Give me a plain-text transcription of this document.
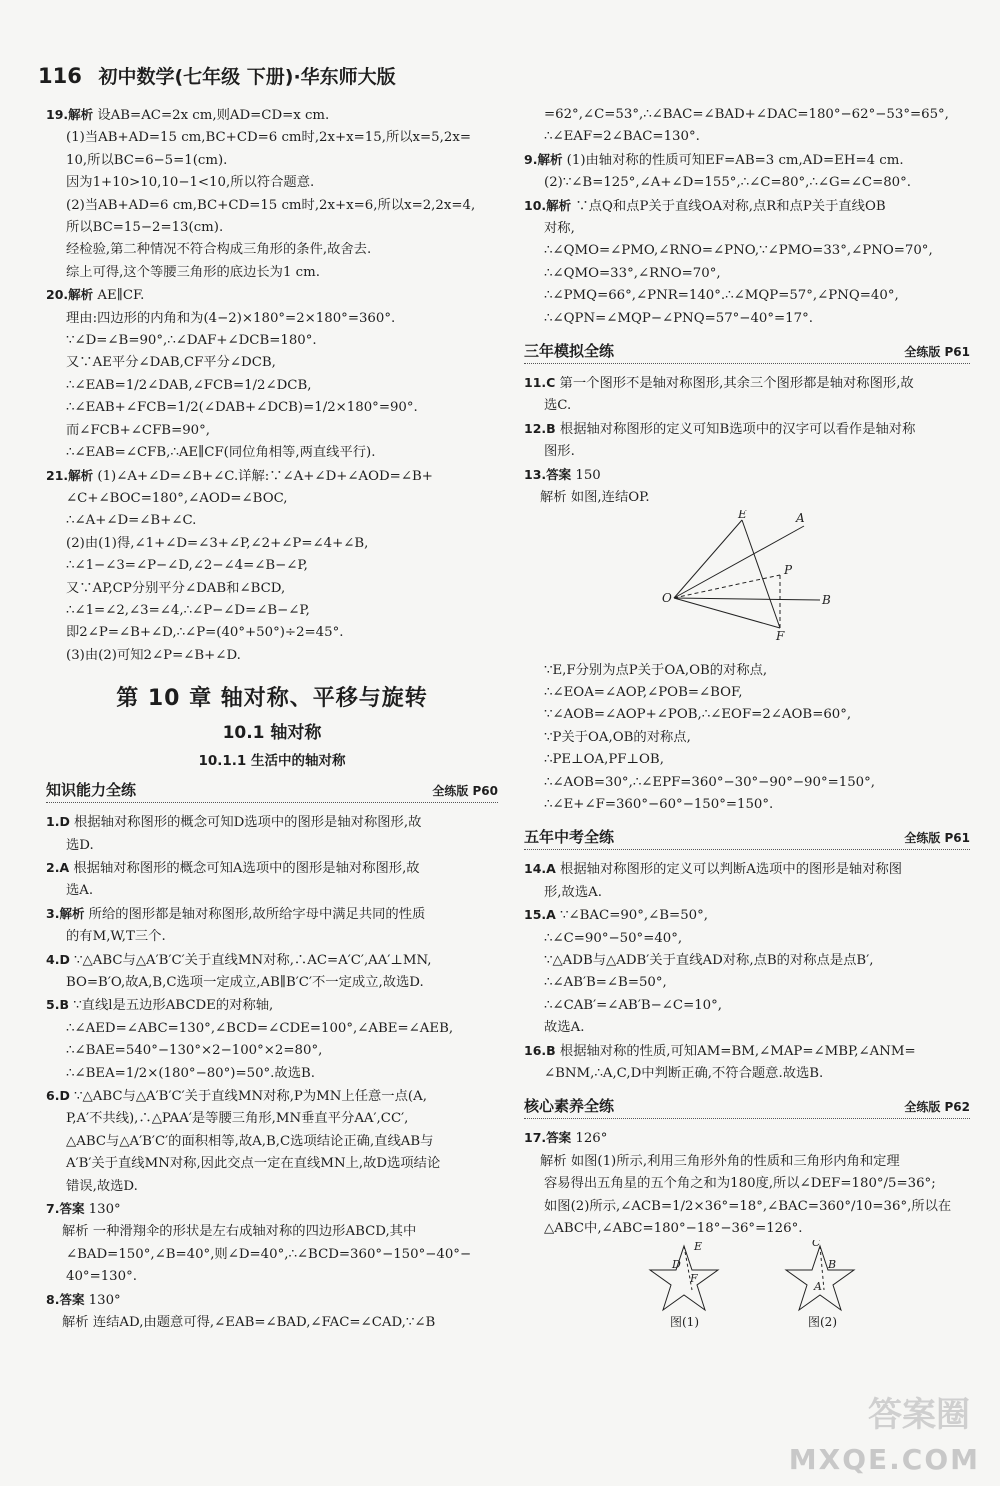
116 初中数学(七年级 下册)·华东师大版
19.解析 设AB=AC=2x cm,则AD=CD=x cm.
(1)当AB+AD=15 cm,BC+CD=6 cm时,2x+x=15,所以x=5,2x=
10,所以BC=6−5=1(cm).
因为1+10>10,10−1<10,所以符合题意.
(2)当AB+AD=6 cm,BC+CD=15 cm时,2x+x=6,所以x=2,2x=4,
所以BC=15−2=13(cm).
经检验,第二种情况不符合构成三角形的条件,故舍去.
综上可得,这个等腰三角形的底边长为1 cm.
20.解析 AE∥CF.
理由:四边形的内角和为(4−2)×180°=2×180°=360°.
∵∠D=∠B=90°,∴∠DAF+∠DCB=180°.
又∵AE平分∠DAB,CF平分∠DCB,
∴∠EAB=1/2∠DAB,∠FCB=1/2∠DCB,
∴∠EAB+∠FCB=1/2(∠DAB+∠DCB)=1/2×180°=90°.
而∠FCB+∠CFB=90°,
∴∠EAB=∠CFB,∴AE∥CF(同位角相等,两直线平行).
21.解析 (1)∠A+∠D=∠B+∠C.详解:∵∠A+∠D+∠AOD=∠B+
∠C+∠BOC=180°,∠AOD=∠BOC,
∴∠A+∠D=∠B+∠C.
(2)由(1)得,∠1+∠D=∠3+∠P,∠2+∠P=∠4+∠B,
∴∠1−∠3=∠P−∠D,∠2−∠4=∠B−∠P,
又∵AP,CP分别平分∠DAB和∠BCD,
∴∠1=∠2,∠3=∠4,∴∠P−∠D=∠B−∠P,
即2∠P=∠B+∠D,∴∠P=(40°+50°)÷2=45°.
(3)由(2)可知2∠P=∠B+∠D.
第 10 章 轴对称、平移与旋转
10.1 轴对称
10.1.1 生活中的轴对称
知识能力全练	全练版 P60
1.D 根据轴对称图形的概念可知D选项中的图形是轴对称图形,故
选D.
2.A 根据轴对称图形的概念可知A选项中的图形是轴对称图形,故
选A.
3.解析 所给的图形都是轴对称图形,故所给字母中满足共同的性质
的有M,W,T三个.
4.D ∵△ABC与△A′B′C′关于直线MN对称,∴AC=A′C′,AA′⊥MN,
BO=B′O,故A,B,C选项一定成立,AB∥B′C′不一定成立,故选D.
5.B ∵直线l是五边形ABCDE的对称轴,
∴∠AED=∠ABC=130°,∠BCD=∠CDE=100°,∠ABE=∠AEB,
∴∠BAE=540°−130°×2−100°×2=80°,
∴∠BEA=1/2×(180°−80°)=50°.故选B.
6.D ∵△ABC与△A′B′C′关于直线MN对称,P为MN上任意一点(A,
P,A′不共线),∴△PAA′是等腰三角形,MN垂直平分AA′,CC′,
△ABC与△A′B′C′的面积相等,故A,B,C选项结论正确,直线AB与
A′B′关于直线MN对称,因此交点一定在直线MN上,故D选项结论
错误,故选D.
7.答案 130°
解析 一种滑翔伞的形状是左右成轴对称的四边形ABCD,其中
∠BAD=150°,∠B=40°,则∠D=40°,∴∠BCD=360°−150°−40°−
40°=130°.
8.答案 130°
解析 连结AD,由题意可得,∠EAB=∠BAD,∠FAC=∠CAD,∵∠B
=62°,∠C=53°,∴∠BAC=∠BAD+∠DAC=180°−62°−53°=65°,
∴∠EAF=2∠BAC=130°.
9.解析 (1)由轴对称的性质可知EF=AB=3 cm,AD=EH=4 cm.
(2)∵∠B=125°,∠A+∠D=155°,∴∠C=80°,∴∠G=∠C=80°.
10.解析 ∵点Q和点P关于直线OA对称,点R和点P关于直线OB
对称,
∴∠QMO=∠PMO,∠RNO=∠PNO,∵∠PMO=33°,∠PNO=70°,
∴∠QMO=33°,∠RNO=70°,
∴∠PMQ=66°,∠PNR=140°.∴∠MQP=57°,∠PNQ=40°,
∴∠QPN=∠MQP−∠PNQ=57°−40°=17°.
三年模拟全练	全练版 P61
11.C 第一个图形不是轴对称图形,其余三个图形都是轴对称图形,故
选C.
12.B 根据轴对称图形的定义可知B选项中的汉字可以看作是轴对称
图形.
13.答案 150
解析 如图,连结OP.
O
A
B
E
F
P
∵E,F分别为点P关于OA,OB的对称点,
∴∠EOA=∠AOP,∠POB=∠BOF,
∵∠AOB=∠AOP+∠POB,∴∠EOF=2∠AOB=60°,
∵P关于OA,OB的对称点,
∴PE⊥OA,PF⊥OB,
∴∠AOB=30°,∴∠EPF=360°−30°−90°−90°=150°,
∴∠E+∠F=360°−60°−150°=150°.
五年中考全练	全练版 P61
14.A 根据轴对称图形的定义可以判断A选项中的图形是轴对称图
形,故选A.
15.A ∵∠BAC=90°,∠B=50°,
∴∠C=90°−50°=40°,
∵△ADB与△ADB′关于直线AD对称,点B的对称点是点B′,
∴∠AB′B=∠B=50°,
∴∠CAB′=∠AB′B−∠C=10°,
故选A.
16.B 根据轴对称的性质,可知AM=BM,∠MAP=∠MBP,∠ANM=
∠BNM,∴A,C,D中判断正确,不符合题意.故选B.
核心素养全练	全练版 P62
17.答案 126°
解析 如图(1)所示,利用三角形外角的性质和三角形内角和定理
容易得出五角星的五个角之和为180度,所以∠DEF=180°/5=36°;
如图(2)所示,∠ACB=1/2×36°=18°,∠BAC=360°/10=36°,所以在
△ABC中,∠ABC=180°−18°−36°=126°.
D
E
F
C
B
A
图(1)	图(2)
答案圈
MXQE.COM
